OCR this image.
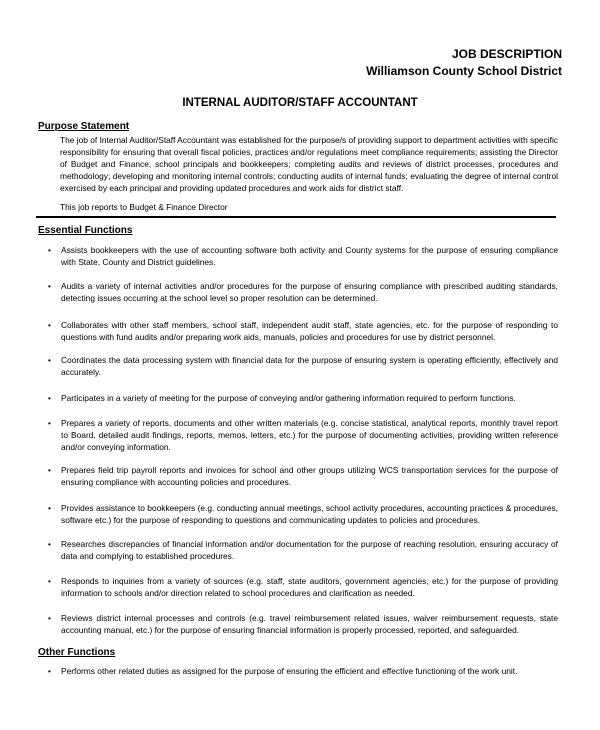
JOB DESCRIPTION
Williamson County School District
INTERNAL AUDITOR/STAFF ACCOUNTANT
Purpose Statement
The job of Internal Auditor/Staff Accountant was established for the purpose/s of providing support to department activities with specific responsibility for ensuring that overall fiscal policies, practices and/or regulations meet compliance requirements; assisting the Director of Budget and Finance, school principals and bookkeepers; completing audits and reviews of district processes, procedures and methodology; developing and monitoring internal controls; conducting audits of internal funds; evaluating the degree of internal control exercised by each principal and providing updated procedures and work aids for district staff.
This job reports to Budget & Finance Director
Essential Functions
•	Assists bookkeepers with the use of accounting software both activity and County systems for the purpose of ensuring compliance with State, County and District guidelines.
•	Audits a variety of internal activities and/or procedures for the purpose of ensuring compliance with prescribed auditing standards, detecting issues occurring at the school level so proper resolution can be determined.
•	Collaborates with other staff members, school staff, independent audit staff, state agencies, etc. for the purpose of responding to questions with fund audits and/or preparing work aids, manuals, policies and procedures for use by district personnel.
•	Coordinates the data processing system with financial data for the purpose of ensuring system is operating efficiently, effectively and accurately.
•	Participates in a variety of meeting for the purpose of conveying and/or gathering information required to perform functions.
•	Prepares a variety of reports, documents and other written materials (e.g. concise statistical, analytical reports, monthly travel report to Board, detailed audit findings, reports, memos, letters, etc.) for the purpose of documenting activities, providing written reference and/or conveying information.
•	Prepares field trip payroll reports and invoices for school and other groups utilizing WCS transportation services for the purpose of ensuring compliance with accounting policies and procedures.
•	Provides assistance to bookkeepers (e.g. conducting annual meetings, school activity procedures, accounting practices & procedures, software etc.) for the purpose of responding to questions and communicating updates to policies and procedures.
•	Researches discrepancies of financial information and/or documentation for the purpose of reaching resolution, ensuring accuracy of data and complying to established procedures.
•	Responds to inquiries from a variety of sources (e.g. staff, state auditors, government agencies, etc.) for the purpose of providing information to schools and/or direction related to school procedures and clarification as needed.
•	Reviews district internal processes and controls (e.g. travel reimbursement related issues, waiver reimbursement requests, state accounting manual, etc.) for the purpose of ensuring financial information is properly processed, reported, and safeguarded.
Other Functions
•	Performs other related duties as assigned for the purpose of ensuring the efficient and effective functioning of the work unit.
